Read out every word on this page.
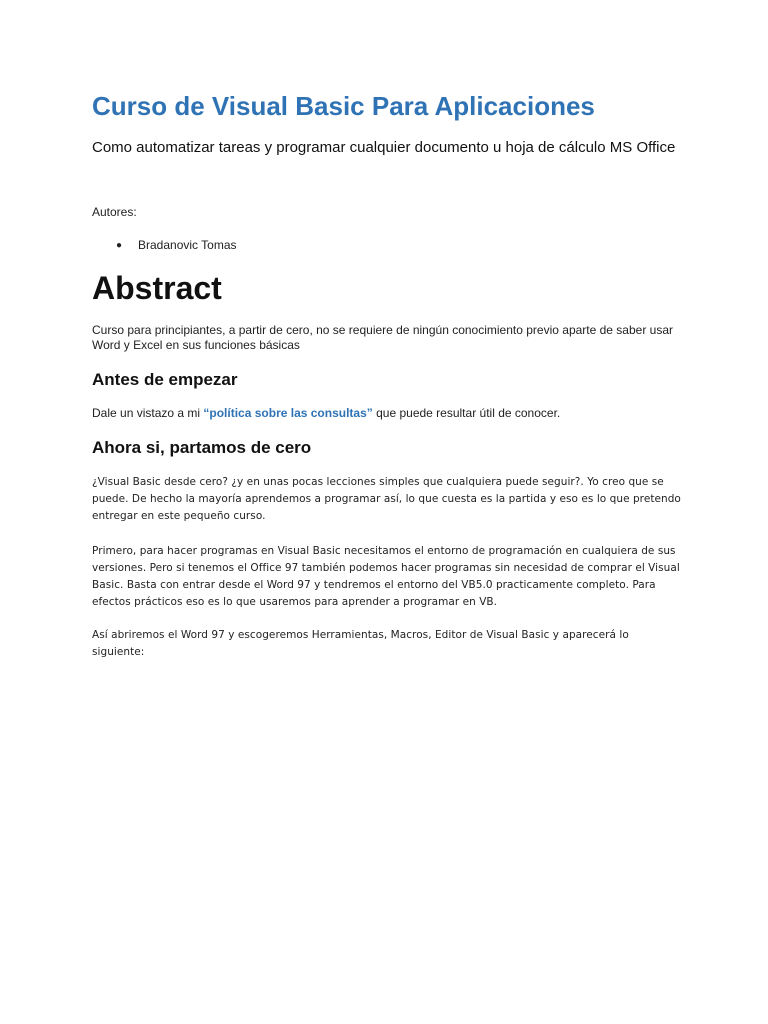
Curso de Visual Basic Para Aplicaciones

Como automatizar tareas y programar cualquier documento u hoja de cálculo MS Office

Autores:

● Bradanovic Tomas
Abstract

Curso para principiantes, a partir de cero, no se requiere de ningún conocimiento previo aparte de saber usar Word y Excel en sus funciones básicas

Antes de empezar

Dale un vistazo a mi “política sobre las consultas” que puede resultar útil de conocer.

Ahora si, partamos de cero

¿Visual Basic desde cero? ¿y en unas pocas lecciones simples que cualquiera puede seguir?. Yo creo que se puede. De hecho la mayoría aprendemos a programar así, lo que cuesta es la partida y eso es lo que pretendo entregar en este pequeño curso.

Primero, para hacer programas en Visual Basic necesitamos el entorno de programación en cualquiera de sus versiones. Pero si tenemos el Office 97 también podemos hacer programas sin necesidad de comprar el Visual Basic. Basta con entrar desde el Word 97 y tendremos el entorno del VB5.0 practicamente completo. Para efectos prácticos eso es lo que usaremos para aprender a programar en VB.

Así abriremos el Word 97 y escogeremos Herramientas, Macros, Editor de Visual Basic y aparecerá lo siguiente:
